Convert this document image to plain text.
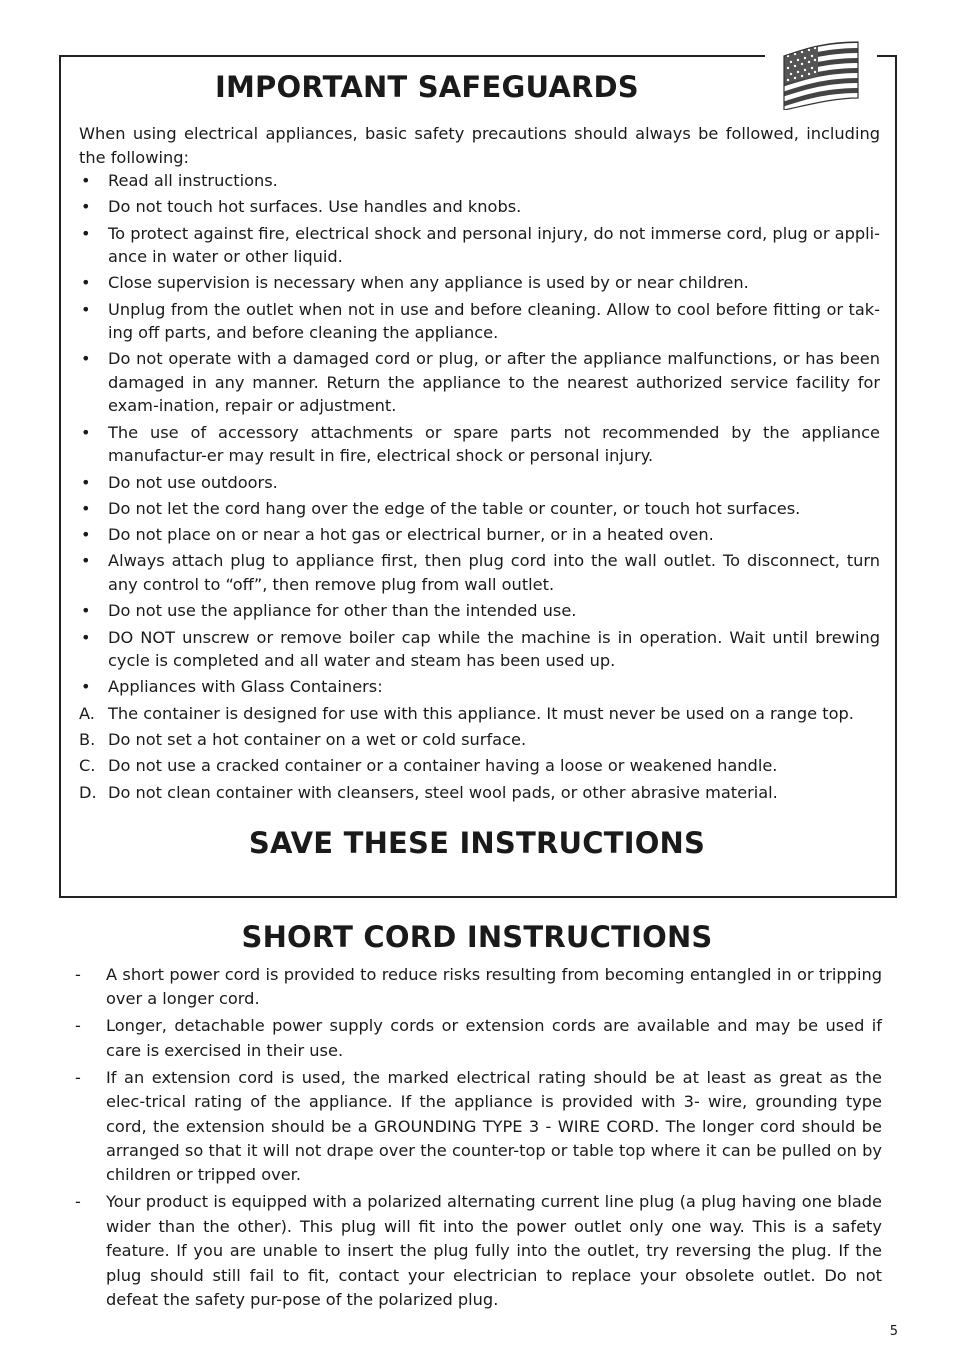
IMPORTANT SAFEGUARDS
When using electrical appliances, basic safety precautions should always be followed, including the following:
• Read all instructions.
• Do not touch hot surfaces. Use handles and knobs.
• To protect against fire, electrical shock and personal injury, do not immerse cord, plug or appli-ance in water or other liquid.
• Close supervision is necessary when any appliance is used by or near children.
• Unplug from the outlet when not in use and before cleaning. Allow to cool before fitting or tak-ing off parts, and before cleaning the appliance.
• Do not operate with a damaged cord or plug, or after the appliance malfunctions, or has been damaged in any manner. Return the appliance to the nearest authorized service facility for exam-ination, repair or adjustment.
• The use of accessory attachments or spare parts not recommended by the appliance manufactur-er may result in fire, electrical shock or personal injury.
• Do not use outdoors.
• Do not let the cord hang over the edge of the table or counter, or touch hot surfaces.
• Do not place on or near a hot gas or electrical burner, or in a heated oven.
• Always attach plug to appliance first, then plug cord into the wall outlet. To disconnect, turn any control to “off”, then remove plug from wall outlet.
• Do not use the appliance for other than the intended use.
• DO NOT unscrew or remove boiler cap while the machine is in operation. Wait until brewing cycle is completed and all water and steam has been used up.
• Appliances with Glass Containers:
A. The container is designed for use with this appliance. It must never be used on a range top.
B. Do not set a hot container on a wet or cold surface.
C. Do not use a cracked container or a container having a loose or weakened handle.
D. Do not clean container with cleansers, steel wool pads, or other abrasive material.
SAVE THESE INSTRUCTIONS
SHORT CORD INSTRUCTIONS
- A short power cord is provided to reduce risks resulting from becoming entangled in or tripping over a longer cord.
- Longer, detachable power supply cords or extension cords are available and may be used if care is exercised in their use.
- If an extension cord is used, the marked electrical rating should be at least as great as the elec-trical rating of the appliance. If the appliance is provided with 3- wire, grounding type cord, the extension should be a GROUNDING TYPE 3 - WIRE CORD. The longer cord should be arranged so that it will not drape over the counter-top or table top where it can be pulled on by children or tripped over.
- Your product is equipped with a polarized alternating current line plug (a plug having one blade wider than the other). This plug will fit into the power outlet only one way. This is a safety feature. If you are unable to insert the plug fully into the outlet, try reversing the plug. If the plug should still fail to fit, contact your electrician to replace your obsolete outlet. Do not defeat the safety pur-pose of the polarized plug.
5
